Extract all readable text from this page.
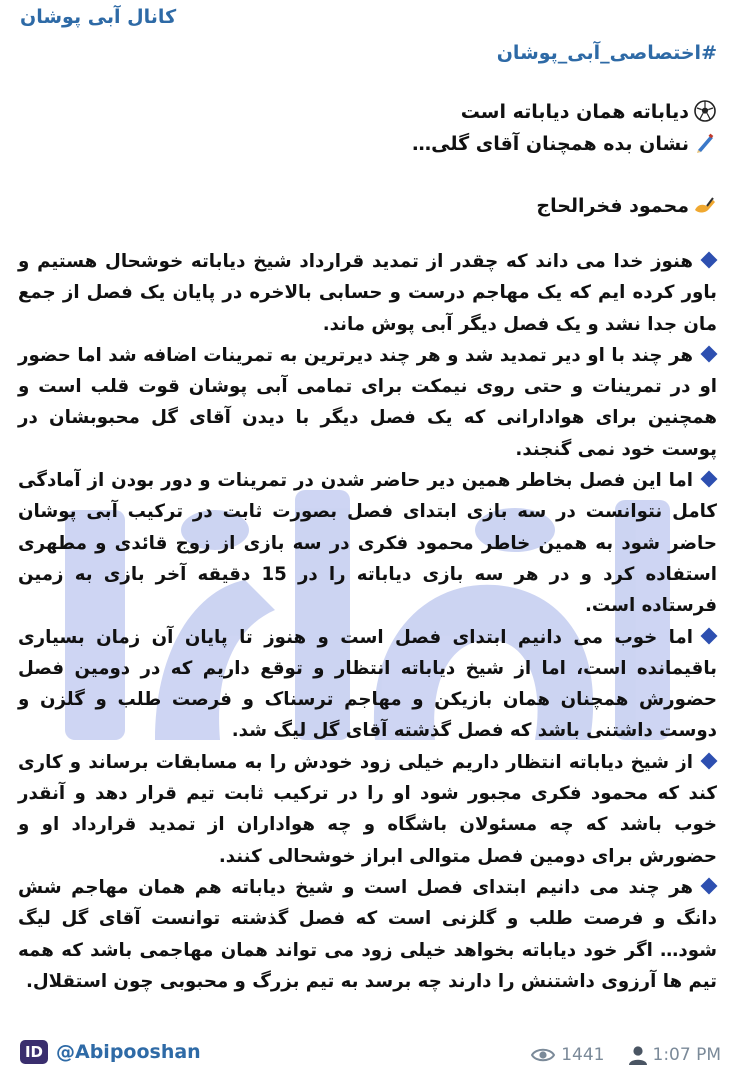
کانال آبی پوشان
#اختصاصی_آبی_پوشان
دیاباته همان دیاباته است
نشان بده همچنان آقای گلی…
محمود فخرالحاج

هنوز خدا می داند که چقدر از تمدید قرارداد شیخ دیاباته خوشحال هستیم و باور کرده ایم که یک مهاجم درست و حسابی بالاخره در پایان یک فصل از جمع مان جدا نشد و یک فصل دیگر آبی پوش ماند.

هر چند با او دیر تمدید شد و هر چند دیرترین به تمرینات اضافه شد اما حضور او در تمرینات و حتی روی نیمکت برای تمامی آبی پوشان قوت قلب است و همچنین برای هوادارانی که یک فصل دیگر با دیدن آقای گل محبوبشان در پوست خود نمی گنجند.

اما این فصل بخاطر همین دیر حاضر شدن در تمرینات و دور بودن از آمادگی کامل نتوانست در سه بازی ابتدای فصل بصورت ثابت در ترکیب آبی پوشان حاضر شود به همین خاطر محمود فکری در سه بازی از زوج قائدی و مطهری استفاده کرد و در هر سه بازی دیاباته را در 15 دقیقه آخر بازی به زمین فرستاده است.

اما خوب می دانیم ابتدای فصل است و هنوز تا پایان آن زمان بسیاری باقیمانده است، اما از شیخ دیاباته انتظار و توقع داریم که در دومین فصل حضورش همچنان همان بازیکن و مهاجم ترسناک و فرصت طلب و گلزن و دوست داشتنی باشد که فصل گذشته آقای گل لیگ شد.

از شیخ دیاباته انتظار داریم خیلی زود خودش را به مسابقات برساند و کاری کند که محمود فکری مجبور شود او را در ترکیب ثابت تیم قرار دهد و آنقدر خوب باشد که چه مسئولان باشگاه و چه هواداران از تمدید قرارداد او و حضورش برای دومین فصل متوالی ابراز خوشحالی کنند.

هر چند می دانیم ابتدای فصل است و شیخ دیاباته هم همان مهاجم شش دانگ و فرصت طلب و گلزنی است که فصل گذشته توانست آقای گل لیگ شود… اگر خود دیاباته بخواهد خیلی زود می تواند همان مهاجمی باشد که همه تیم ها آرزوی داشتنش را دارند چه برسد به تیم بزرگ و محبوبی چون استقلال.

ID @Abipooshan	1441	1:07 PM
